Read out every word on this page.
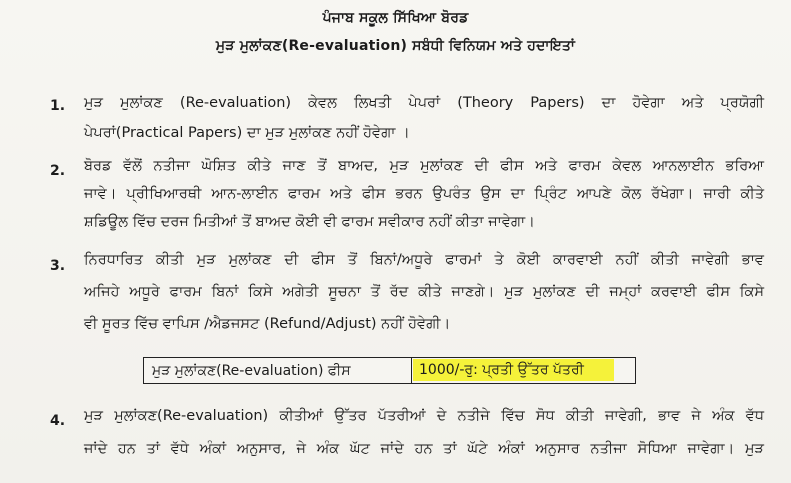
ਪੰਜਾਬ ਸਕੂਲ ਸਿੱਖਿਆ ਬੋਰਡ
ਮੁੜ ਮੁਲਾਂਕਣ(Re-evaluation) ਸਬੰਧੀ ਵਿਨਿਯਮ ਅਤੇ ਹਦਾਇਤਾਂ
1. ਮੁੜ ਮੁਲਾਂਕਣ (Re-evaluation) ਕੇਵਲ ਲਿਖਤੀ ਪੇਪਰਾਂ (Theory Papers) ਦਾ ਹੋਵੇਗਾ ਅਤੇ ਪ੍ਰਯੋਗੀ
ਪੇਪਰਾਂ(Practical Papers) ਦਾ ਮੁੜ ਮੁਲਾਂਕਣ ਨਹੀਂ ਹੋਵੇਗਾ ।
2. ਬੋਰਡ ਵੱਲੋਂ ਨਤੀਜਾ ਘੋਸ਼ਿਤ ਕੀਤੇ ਜਾਣ ਤੋਂ ਬਾਅਦ, ਮੁੜ ਮੁਲਾਂਕਣ ਦੀ ਫੀਸ ਅਤੇ ਫਾਰਮ ਕੇਵਲ ਆਨਲਾਈਨ ਭਰਿਆ
ਜਾਵੇ। ਪ੍ਰੀਖਿਆਰਥੀ ਆਨ-ਲਾਈਨ ਫਾਰਮ ਅਤੇ ਫੀਸ ਭਰਨ ਉਪਰੰਤ ਉਸ ਦਾ ਪ੍ਰਿੰਟ ਆਪਣੇ ਕੋਲ ਰੱਖੇਗਾ। ਜਾਰੀ ਕੀਤੇ
ਸ਼ਡਿਊਲ ਵਿੱਚ ਦਰਜ ਮਿਤੀਆਂ ਤੋਂ ਬਾਅਦ ਕੋਈ ਵੀ ਫਾਰਮ ਸਵੀਕਾਰ ਨਹੀਂ ਕੀਤਾ ਜਾਵੇਗਾ।
3. ਨਿਰਧਾਰਿਤ ਕੀਤੀ ਮੁੜ ਮੁਲਾਂਕਣ ਦੀ ਫੀਸ ਤੋਂ ਬਿਨਾਂ/ਅਧੂਰੇ ਫਾਰਮਾਂ ਤੇ ਕੋਈ ਕਾਰਵਾਈ ਨਹੀਂ ਕੀਤੀ ਜਾਵੇਗੀ ਭਾਵ
ਅਜਿਹੇ ਅਧੂਰੇ ਫਾਰਮ ਬਿਨਾਂ ਕਿਸੇ ਅਗੇਤੀ ਸੂਚਨਾ ਤੋਂ ਰੱਦ ਕੀਤੇ ਜਾਣਗੇ। ਮੁੜ ਮੁਲਾਂਕਣ ਦੀ ਜਮ੍ਹਾਂ ਕਰਵਾਈ ਫੀਸ ਕਿਸੇ
ਵੀ ਸੂਰਤ ਵਿੱਚ ਵਾਪਿਸ /ਐਡਜਸਟ (Refund/Adjust) ਨਹੀਂ ਹੋਵੇਗੀ।
ਮੁੜ ਮੁਲਾਂਕਣ(Re-evaluation) ਫੀਸ	1000/-ਰੁ: ਪ੍ਰਤੀ ਉੱਤਰ ਪੱਤਰੀ
4. ਮੁੜ ਮੁਲਾਂਕਣ(Re-evaluation) ਕੀਤੀਆਂ ਉੱਤਰ ਪੱਤਰੀਆਂ ਦੇ ਨਤੀਜੇ ਵਿੱਚ ਸੋਧ ਕੀਤੀ ਜਾਵੇਗੀ, ਭਾਵ ਜੇ ਅੰਕ ਵੱਧ
ਜਾਂਦੇ ਹਨ ਤਾਂ ਵੱਧੇ ਅੰਕਾਂ ਅਨੁਸਾਰ, ਜੇ ਅੰਕ ਘੱਟ ਜਾਂਦੇ ਹਨ ਤਾਂ ਘੱਟੇ ਅੰਕਾਂ ਅਨੁਸਾਰ ਨਤੀਜਾ ਸੋਧਿਆ ਜਾਵੇਗਾ। ਮੁੜ
